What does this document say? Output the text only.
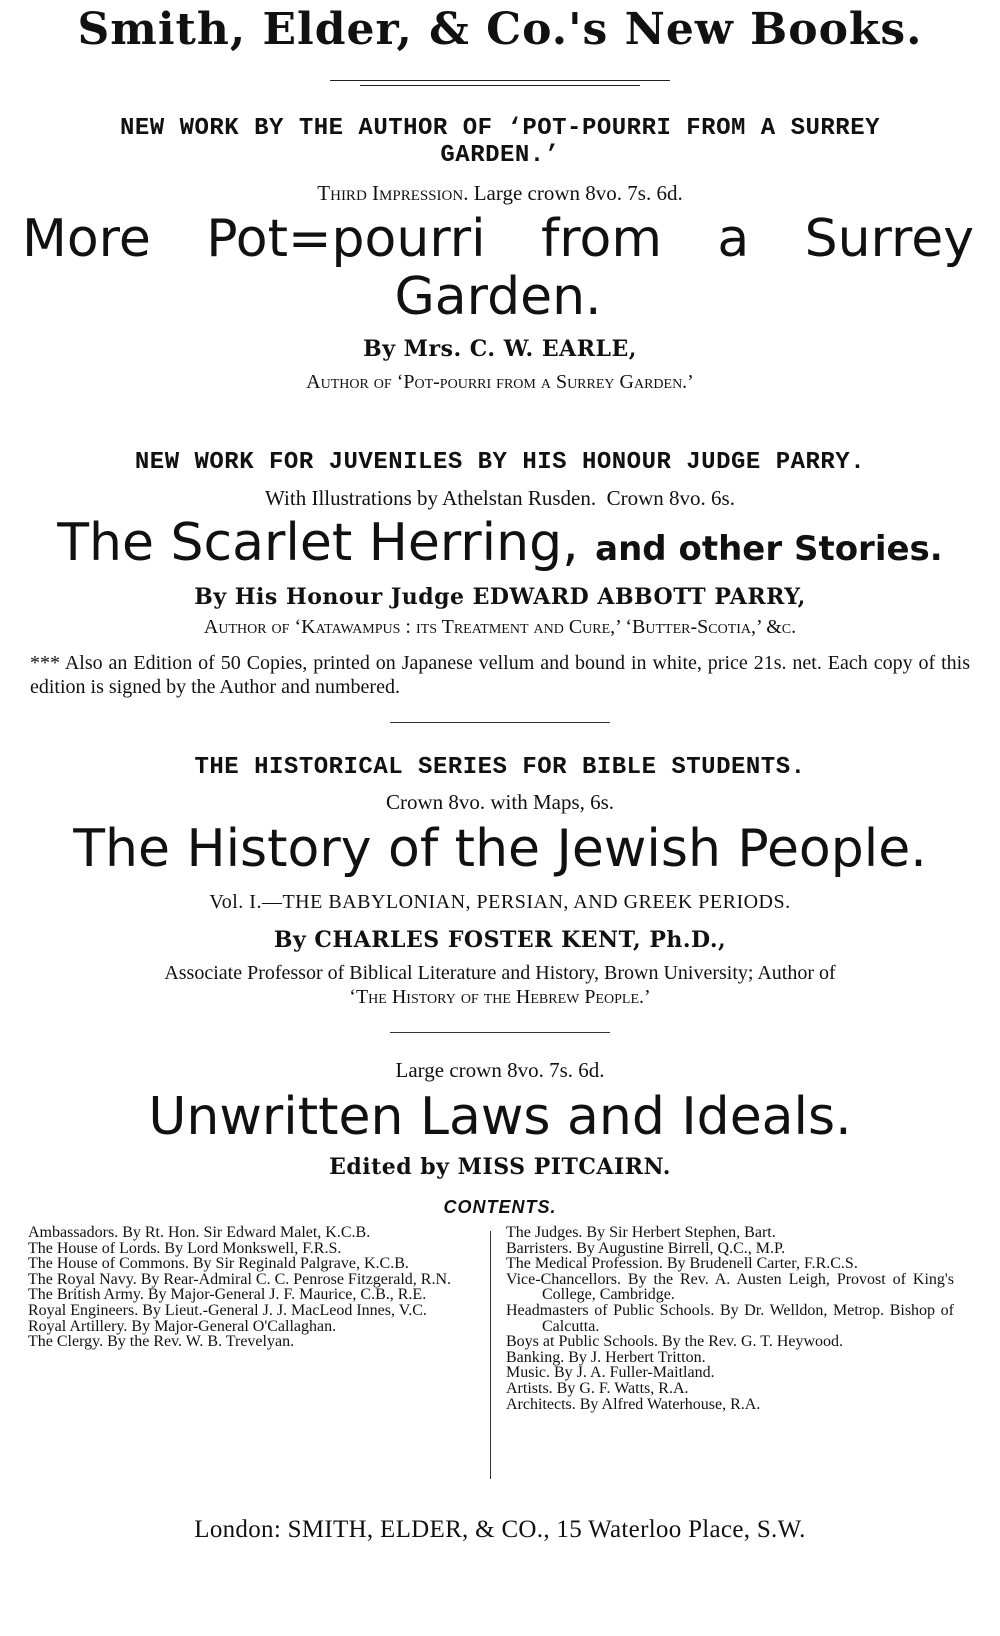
Smith, Elder, & Co.'s New Books.
NEW WORK BY THE AUTHOR OF ‘POT-POURRI FROM A SURREY GARDEN.’
Third Impression. Large crown 8vo. 7s. 6d.
More Pot=pourri from a Surrey Garden.
By Mrs. C. W. EARLE,
Author of ‘Pot-pourri from a Surrey Garden.’
NEW WORK FOR JUVENILES BY HIS HONOUR JUDGE PARRY.
With Illustrations by Athelstan Rusden. Crown 8vo. 6s.
The Scarlet Herring, and other Stories.
By His Honour Judge EDWARD ABBOTT PARRY,
Author of ‘Katawampus : its Treatment and Cure,’ ‘Butter-Scotia,’ &c.
*** Also an Edition of 50 Copies, printed on Japanese vellum and bound in white, price 21s. net. Each copy of this edition is signed by the Author and numbered.
THE HISTORICAL SERIES FOR BIBLE STUDENTS.
Crown 8vo. with Maps, 6s.
The History of the Jewish People.
Vol. I.—THE BABYLONIAN, PERSIAN, AND GREEK PERIODS.
By CHARLES FOSTER KENT, Ph.D.,
Associate Professor of Biblical Literature and History, Brown University; Author of
‘The History of the Hebrew People.’
Large crown 8vo. 7s. 6d.
Unwritten Laws and Ideals.
Edited by MISS PITCAIRN.
CONTENTS.

Ambassadors. By Rt. Hon. Sir Edward Malet, K.C.B.

The House of Lords. By Lord Monkswell, F.R.S.

The House of Commons. By Sir Reginald Palgrave, K.C.B.

The Royal Navy. By Rear-Admiral C. C. Penrose Fitzgerald, R.N.

The British Army. By Major-General J. F. Maurice, C.B., R.E.

Royal Engineers. By Lieut.-General J. J. MacLeod Innes, V.C.

Royal Artillery. By Major-General O'Callaghan.

The Clergy. By the Rev. W. B. Trevelyan.

The Judges. By Sir Herbert Stephen, Bart.

Barristers. By Augustine Birrell, Q.C., M.P.

The Medical Profession. By Brudenell Carter, F.R.C.S.

Vice-Chancellors. By the Rev. A. Austen Leigh, Provost of King's College, Cambridge.

Headmasters of Public Schools. By Dr. Welldon, Metrop. Bishop of Calcutta.

Boys at Public Schools. By the Rev. G. T. Heywood.

Banking. By J. Herbert Tritton.

Music. By J. A. Fuller-Maitland.

Artists. By G. F. Watts, R.A.

Architects. By Alfred Waterhouse, R.A.

London: SMITH, ELDER, & CO., 15 Waterloo Place, S.W.
